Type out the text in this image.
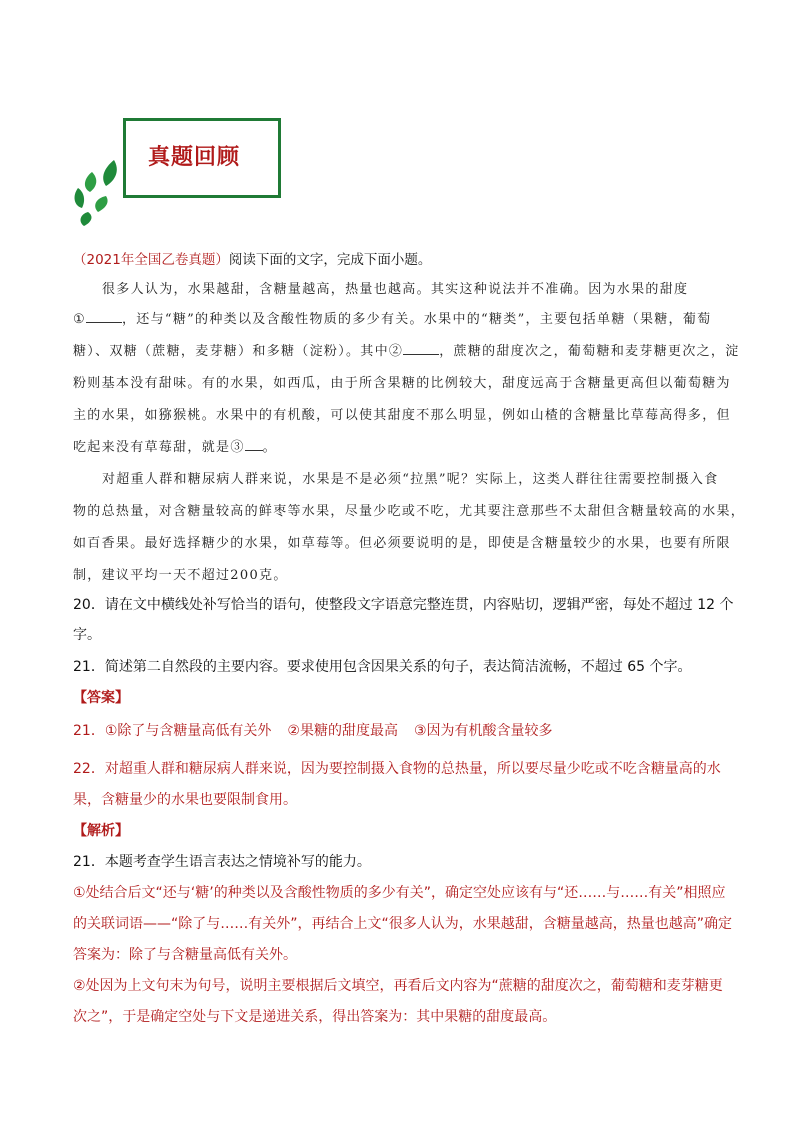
真题回顾
（2021年全国乙卷真题）阅读下面的文字，完成下面小题。
很多人认为，水果越甜，含糖量越高，热量也越高。其实这种说法并不准确。因为水果的甜度
①	，还与“糖”的种类以及含酸性物质的多少有关。水果中的“糖类”，主要包括单糖（果糖，葡萄
糖）、双糖（蔗糖，麦芽糖）和多糖（淀粉）。其中②	，蔗糖的甜度次之，葡萄糖和麦芽糖更次之，淀
粉则基本没有甜味。有的水果，如西瓜，由于所含果糖的比例较大，甜度远高于含糖量更高但以葡萄糖为
主的水果，如猕猴桃。水果中的有机酸，可以使其甜度不那么明显，例如山楂的含糖量比草莓高得多，但
吃起来没有草莓甜，就是③ 。
对超重人群和糖尿病人群来说，水果是不是必须“拉黑”呢？实际上，这类人群往往需要控制摄入食
物的总热量，对含糖量较高的鲜枣等水果，尽量少吃或不吃，尤其要注意那些不太甜但含糖量较高的水果，
如百香果。最好选择糖少的水果，如草莓等。但必须要说明的是，即使是含糖量较少的水果，也要有所限
制，建议平均一天不超过200克。
20．请在文中横线处补写恰当的语句，使整段文字语意完整连贯，内容贴切，逻辑严密，每处不超过 12 个
字。
21．简述第二自然段的主要内容。要求使用包含因果关系的句子，表达简洁流畅，不超过 65 个字。
【答案】
21．①除了与含糖量高低有关外 ②果糖的甜度最高 ③因为有机酸含量较多
22．对超重人群和糖尿病人群来说，因为要控制摄入食物的总热量，所以要尽量少吃或不吃含糖量高的水
果，含糖量少的水果也要限制食用。
【解析】
21．本题考查学生语言表达之情境补写的能力。
①处结合后文“还与‘糖’的种类以及含酸性物质的多少有关”，确定空处应该有与“还……与……有关”相照应
的关联词语——“除了与……有关外”，再结合上文“很多人认为，水果越甜，含糖量越高，热量也越高”确定
答案为：除了与含糖量高低有关外。
②处因为上文句末为句号，说明主要根据后文填空，再看后文内容为“蔗糖的甜度次之，葡萄糖和麦芽糖更
次之”，于是确定空处与下文是递进关系，得出答案为：其中果糖的甜度最高。
